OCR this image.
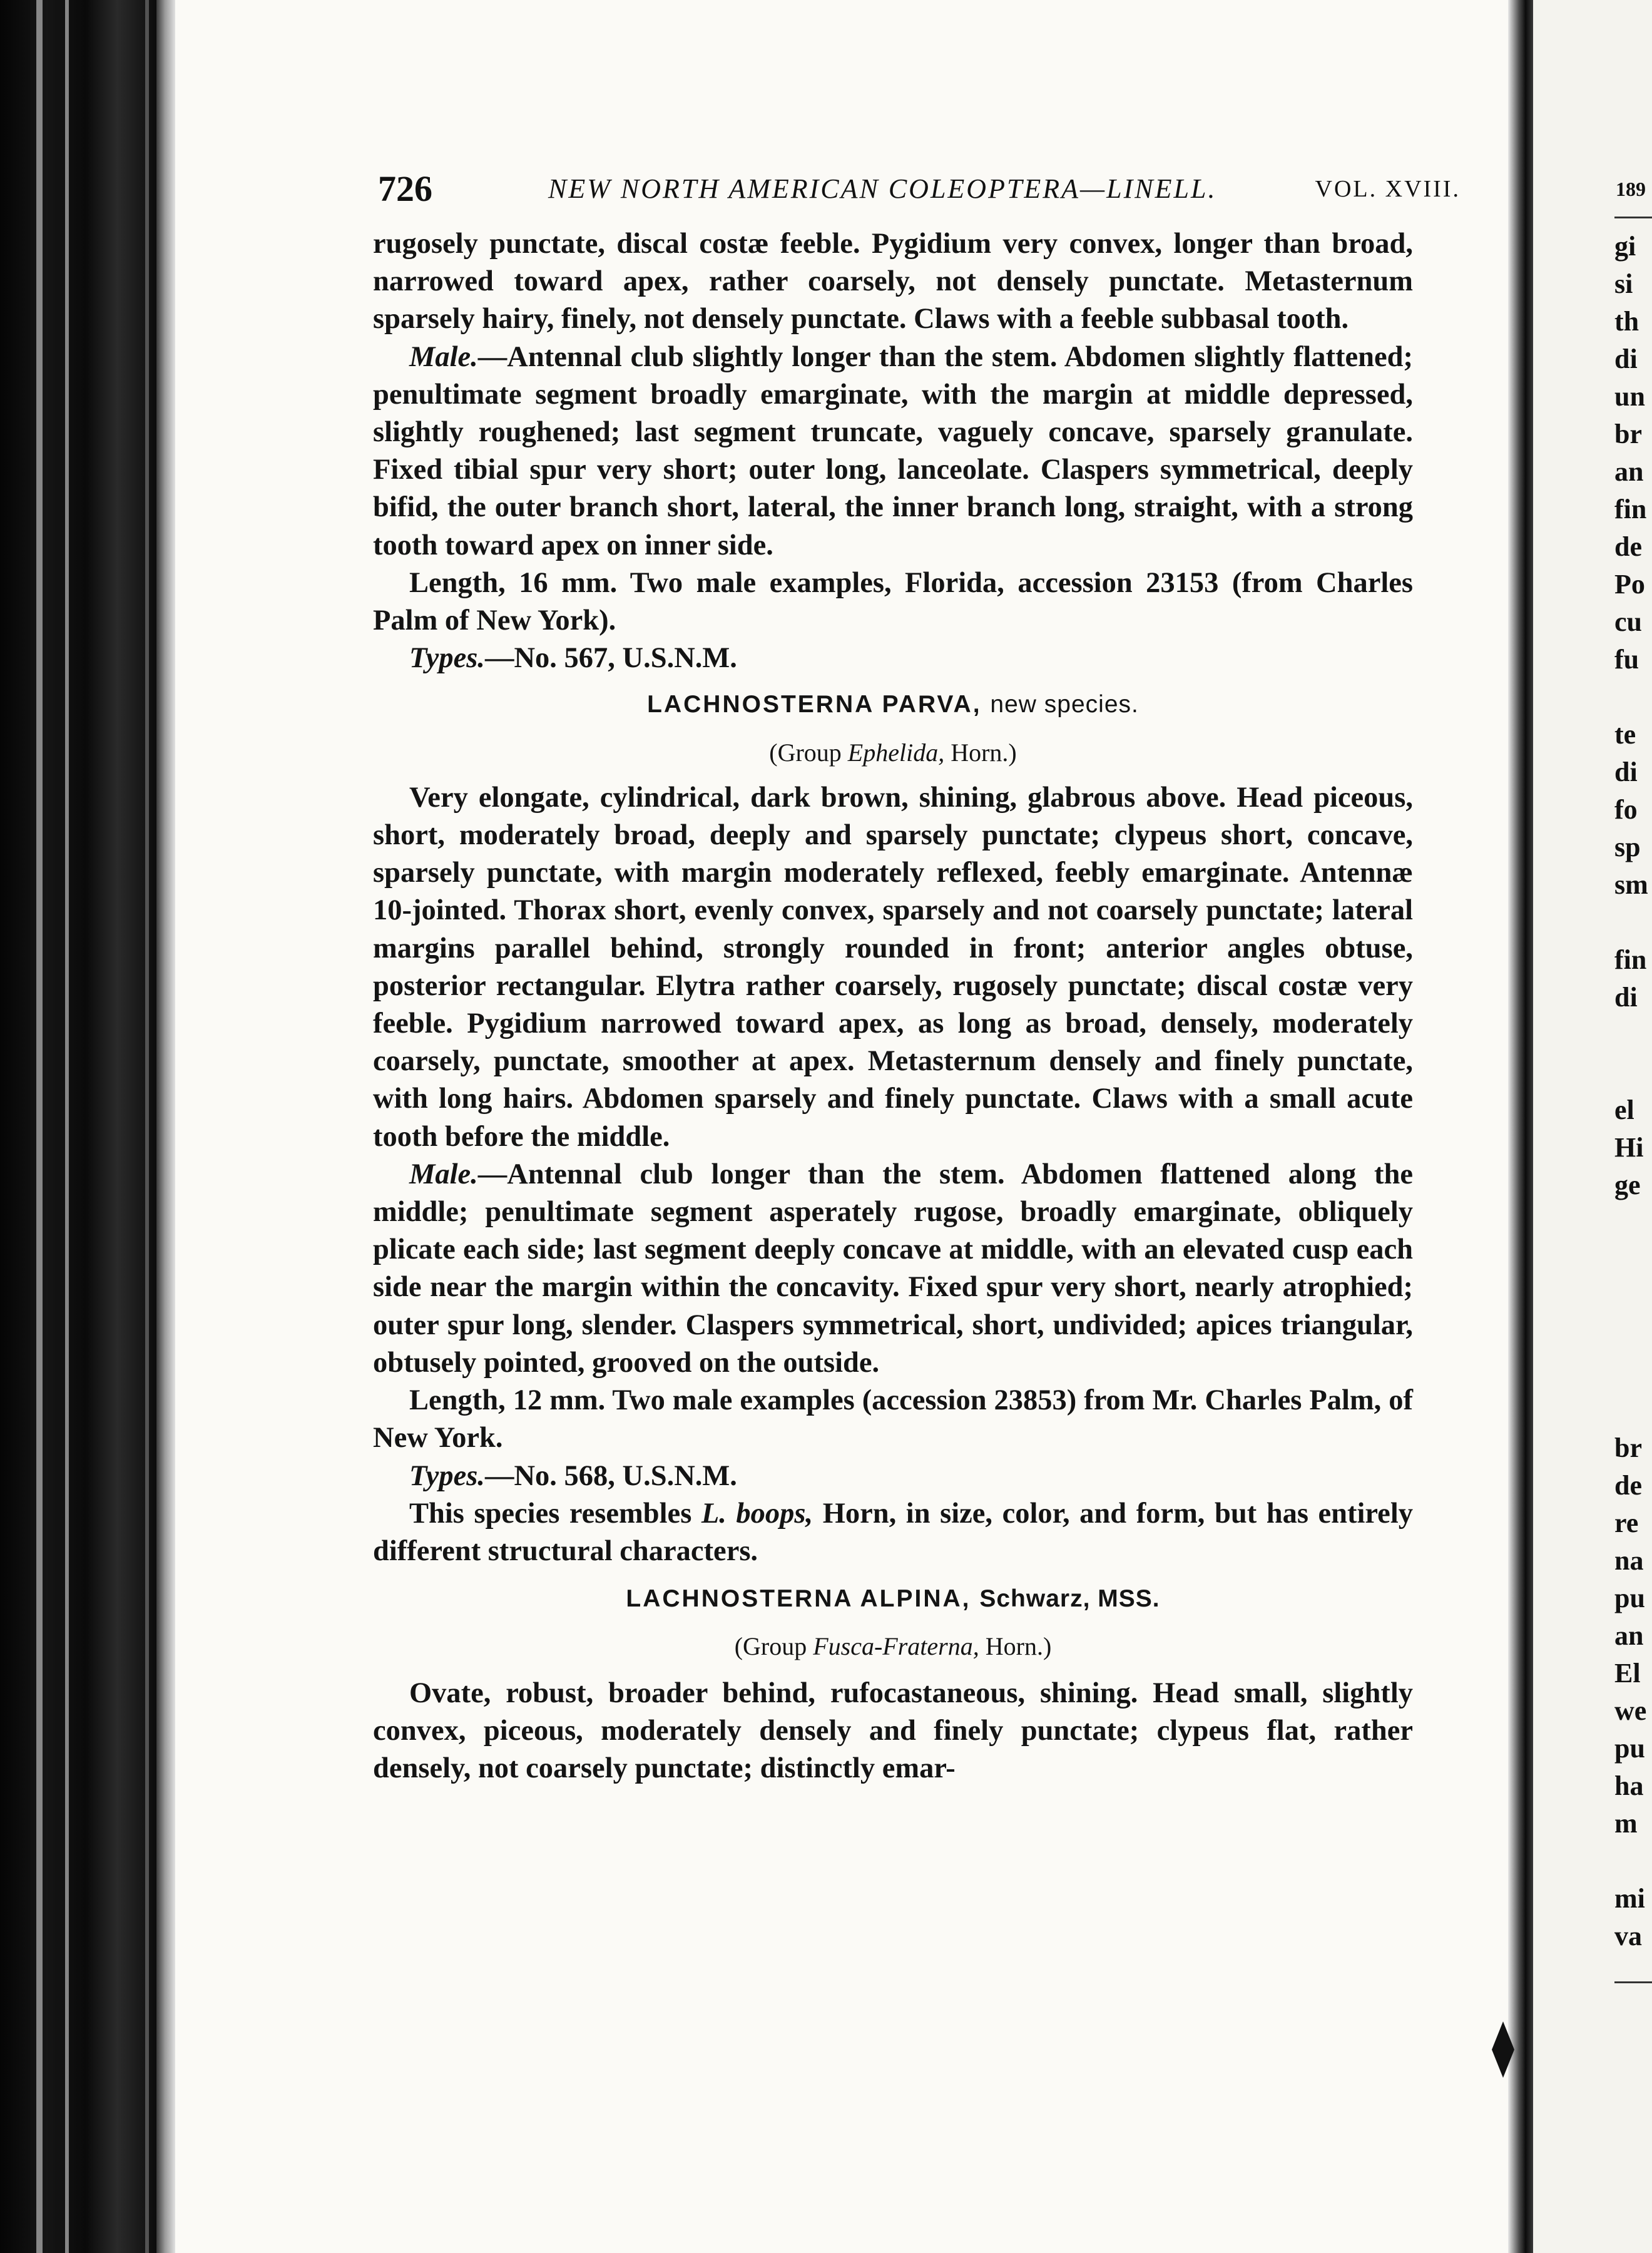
189
gi
si
th
di
un
br
an
fin
de
Po
cu
fu
te
di
fo
sp
sm
fin
di
el
Hi
ge
br
de
re
na
pu
an
El
we
pu
ha
m
mi
va
726	NEW NORTH AMERICAN COLEOPTERA—LINELL.	VOL. XVIII.

rugosely punctate, discal costæ feeble. Pygidium very convex, longer than broad, narrowed toward apex, rather coarsely, not densely punctate. Metasternum sparsely hairy, finely, not densely punctate. Claws with a feeble subbasal tooth.

Male.—Antennal club slightly longer than the stem. Abdomen slightly flattened; penultimate segment broadly emarginate, with the margin at middle depressed, slightly roughened; last segment truncate, vaguely concave, sparsely granulate. Fixed tibial spur very short; outer long, lanceolate. Claspers symmetrical, deeply bifid, the outer branch short, lateral, the inner branch long, straight, with a strong tooth toward apex on inner side.

Length, 16 mm. Two male examples, Florida, accession 23153 (from Charles Palm of New York).

Types.—No. 567, U.S.N.M.

LACHNOSTERNA PARVA, new species.

(Group Ephelida, Horn.)

Very elongate, cylindrical, dark brown, shining, glabrous above. Head piceous, short, moderately broad, deeply and sparsely punctate; clypeus short, concave, sparsely punctate, with margin moderately reflexed, feebly emarginate. Antennæ 10-jointed. Thorax short, evenly convex, sparsely and not coarsely punctate; lateral margins parallel behind, strongly rounded in front; anterior angles obtuse, posterior rectangular. Elytra rather coarsely, rugosely punctate; discal costæ very feeble. Pygidium narrowed toward apex, as long as broad, densely, moderately coarsely, punctate, smoother at apex. Metasternum densely and finely punctate, with long hairs. Abdomen sparsely and finely punctate. Claws with a small acute tooth before the middle.

Male.—Antennal club longer than the stem. Abdomen flattened along the middle; penultimate segment asperately rugose, broadly emarginate, obliquely plicate each side; last segment deeply concave at middle, with an elevated cusp each side near the margin within the concavity. Fixed spur very short, nearly atrophied; outer spur long, slender. Claspers symmetrical, short, undivided; apices triangular, obtusely pointed, grooved on the outside.

Length, 12 mm. Two male examples (accession 23853) from Mr. Charles Palm, of New York.

Types.—No. 568, U.S.N.M.

This species resembles L. boops, Horn, in size, color, and form, but has entirely different structural characters.

LACHNOSTERNA ALPINA, Schwarz, MSS.

(Group Fusca-Fraterna, Horn.)

Ovate, robust, broader behind, rufocastaneous, shining. Head small, slightly convex, piceous, moderately densely and finely punctate; clypeus flat, rather densely, not coarsely punctate; distinctly emar-
